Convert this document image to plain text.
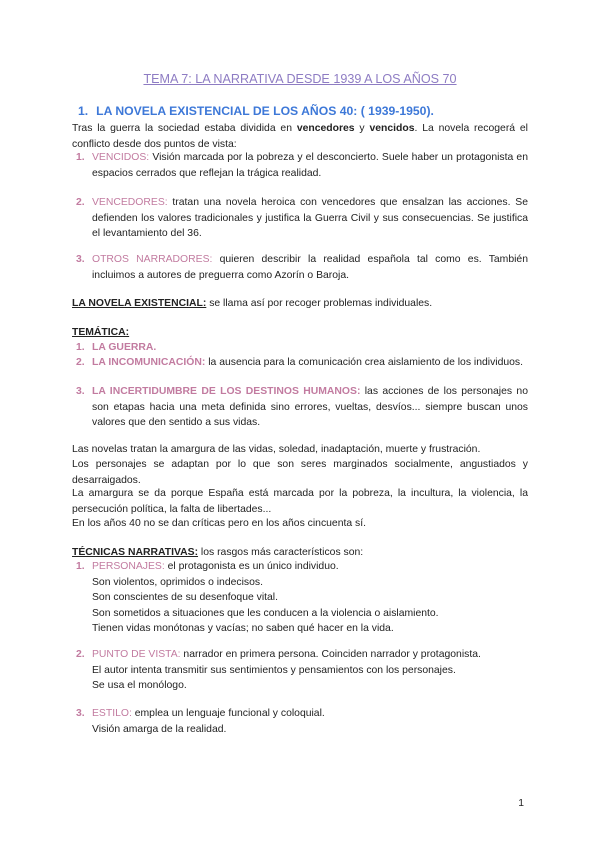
TEMA 7: LA NARRATIVA DESDE 1939 A LOS AÑOS 70
1. LA NOVELA EXISTENCIAL DE LOS AÑOS 40: ( 1939-1950).
Tras la guerra la sociedad estaba dividida en vencedores y vencidos. La novela recogerá el conflicto desde dos puntos de vista:
1. VENCIDOS: Visión marcada por la pobreza y el desconcierto. Suele haber un protagonista en espacios cerrados que reflejan la trágica realidad.
2. VENCEDORES: tratan una novela heroica con vencedores que ensalzan las acciones. Se defienden los valores tradicionales y justifica la Guerra Civil y sus consecuencias. Se justifica el levantamiento del 36.
3. OTROS NARRADORES: quieren describir la realidad española tal como es. También incluimos a autores de preguerra como Azorín o Baroja.
LA NOVELA EXISTENCIAL: se llama así por recoger problemas individuales.
TEMÁTICA:
1. LA GUERRA.
2. LA INCOMUNICACIÓN: la ausencia para la comunicación crea aislamiento de los individuos.
3. LA INCERTIDUMBRE DE LOS DESTINOS HUMANOS: las acciones de los personajes no son etapas hacia una meta definida sino errores, vueltas, desvíos... siempre buscan unos valores que den sentido a sus vidas.
Las novelas tratan la amargura de las vidas, soledad, inadaptación, muerte y frustración.
Los personajes se adaptan por lo que son seres marginados socialmente, angustiados y desarraigados.
La amargura se da porque España está marcada por la pobreza, la incultura, la violencia, la persecución política, la falta de libertades...
En los años 40 no se dan críticas pero en los años cincuenta sí.
TÉCNICAS NARRATIVAS: los rasgos más característicos son:
1. PERSONAJES: el protagonista es un único individuo.
Son violentos, oprimidos o indecisos.
Son conscientes de su desenfoque vital.
Son sometidos a situaciones que les conducen a la violencia o aislamiento.
Tienen vidas monótonas y vacías; no saben qué hacer en la vida.
2. PUNTO DE VISTA: narrador en primera persona. Coinciden narrador y protagonista.
El autor intenta transmitir sus sentimientos y pensamientos con los personajes.
Se usa el monólogo.
3. ESTILO: emplea un lenguaje funcional y coloquial.
Visión amarga de la realidad.
1
